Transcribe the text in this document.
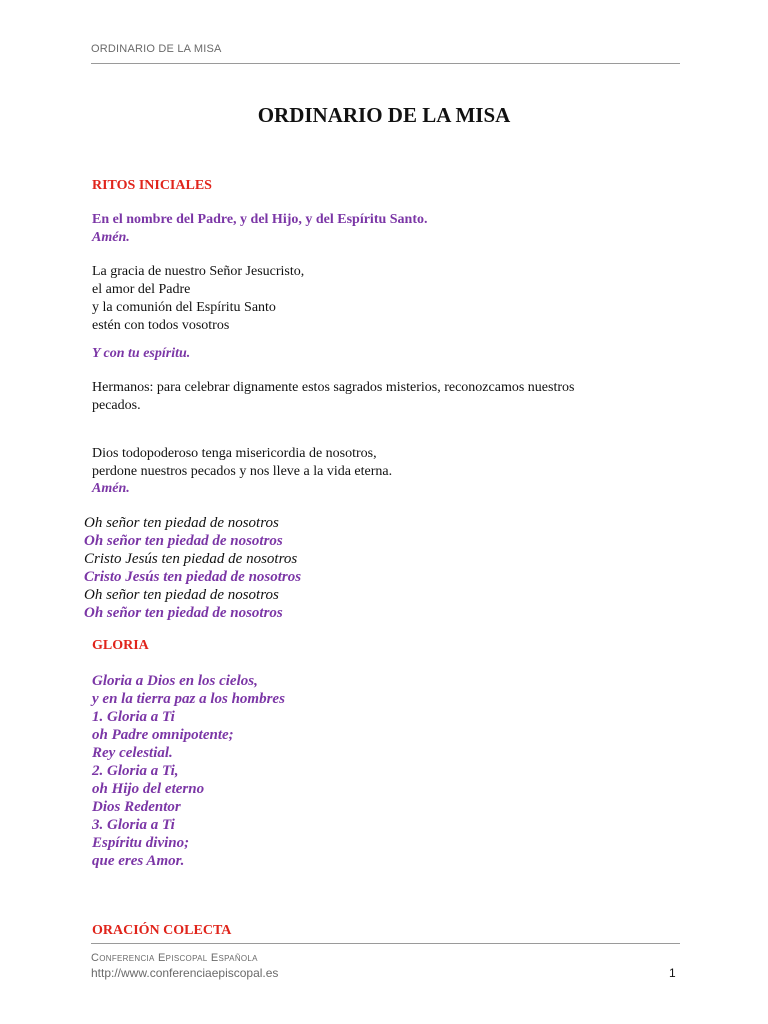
ORDINARIO DE LA MISA

ORDINARIO DE LA MISA

RITOS INICIALES

En el nombre del Padre, y del Hijo, y del Espíritu Santo.

Amén.

La gracia de nuestro Señor Jesucristo,
el amor del Padre
y la comunión del Espíritu Santo
estén con todos vosotros

Y con tu espíritu.

Hermanos: para celebrar dignamente estos sagrados misterios, reconozcamos nuestros
pecados.
Dios todopoderoso tenga misericordia de nosotros,
perdone nuestros pecados y nos lleve a la vida eterna.

Amén.

Oh señor ten piedad de nosotros
Oh señor ten piedad de nosotros
Cristo Jesús ten piedad de nosotros
Cristo Jesús ten piedad de nosotros
Oh señor ten piedad de nosotros
Oh señor ten piedad de nosotros

GLORIA

Gloria a Dios en los cielos,
y en la tierra paz a los hombres
1. Gloria a Ti
oh Padre omnipotente;
Rey celestial.
2. Gloria a Ti,
oh Hijo del eterno
Dios Redentor
3. Gloria a Ti
Espíritu divino;
que eres Amor.

ORACIÓN COLECTA

Conferencia Episcopal Española

http://www.conferenciaepiscopal.es	1
